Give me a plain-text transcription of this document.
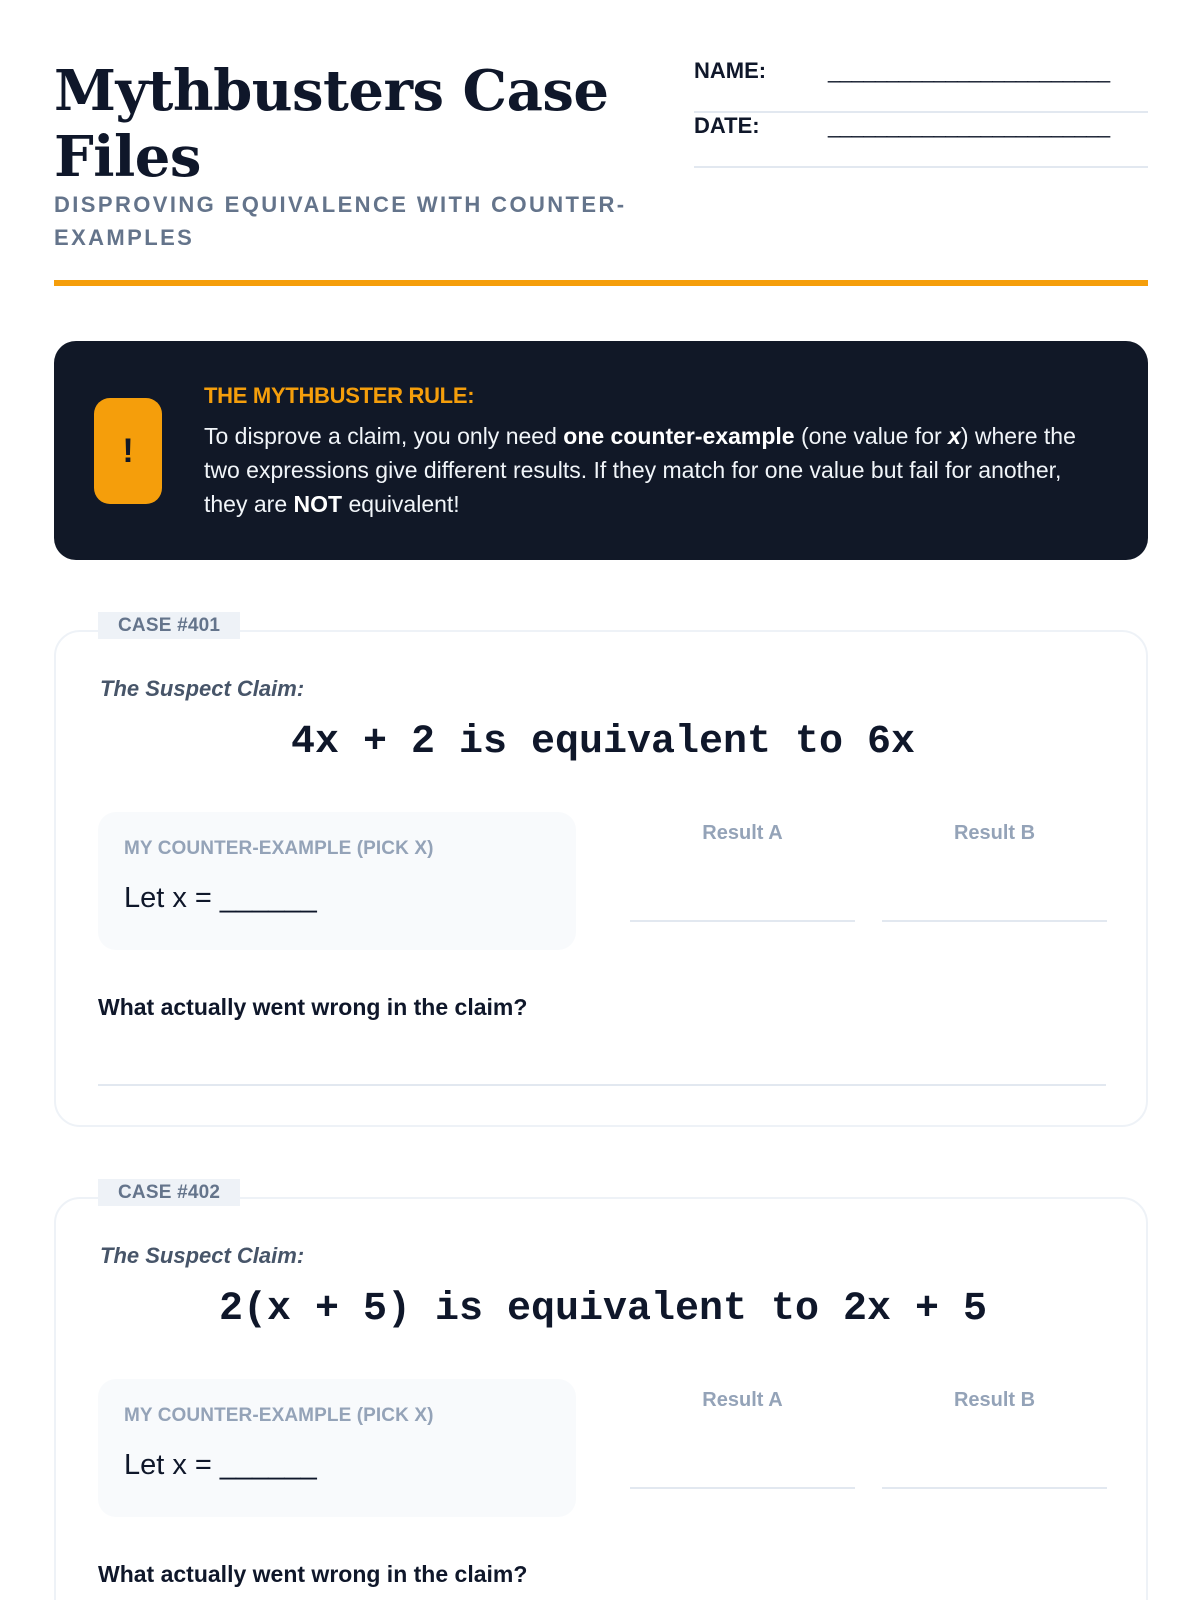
Mythbusters Case Files
DISPROVING EQUIVALENCE WITH COUNTER-EXAMPLES
NAME:	________________________
DATE:	________________________
!
THE MYTHBUSTER RULE:

To disprove a claim, you only need one counter-example (one value for x) where the two expressions give different results. If they match for one value but fail for another, they are NOT equivalent!

CASE #401
The Suspect Claim:
4x + 2 is equivalent to 6x
MY COUNTER-EXAMPLE (PICK X)
Let x = ______
Result A	Result B
What actually went wrong in the claim?
CASE #402
The Suspect Claim:
2(x + 5) is equivalent to 2x + 5
MY COUNTER-EXAMPLE (PICK X)
Let x = ______
Result A	Result B
What actually went wrong in the claim?
